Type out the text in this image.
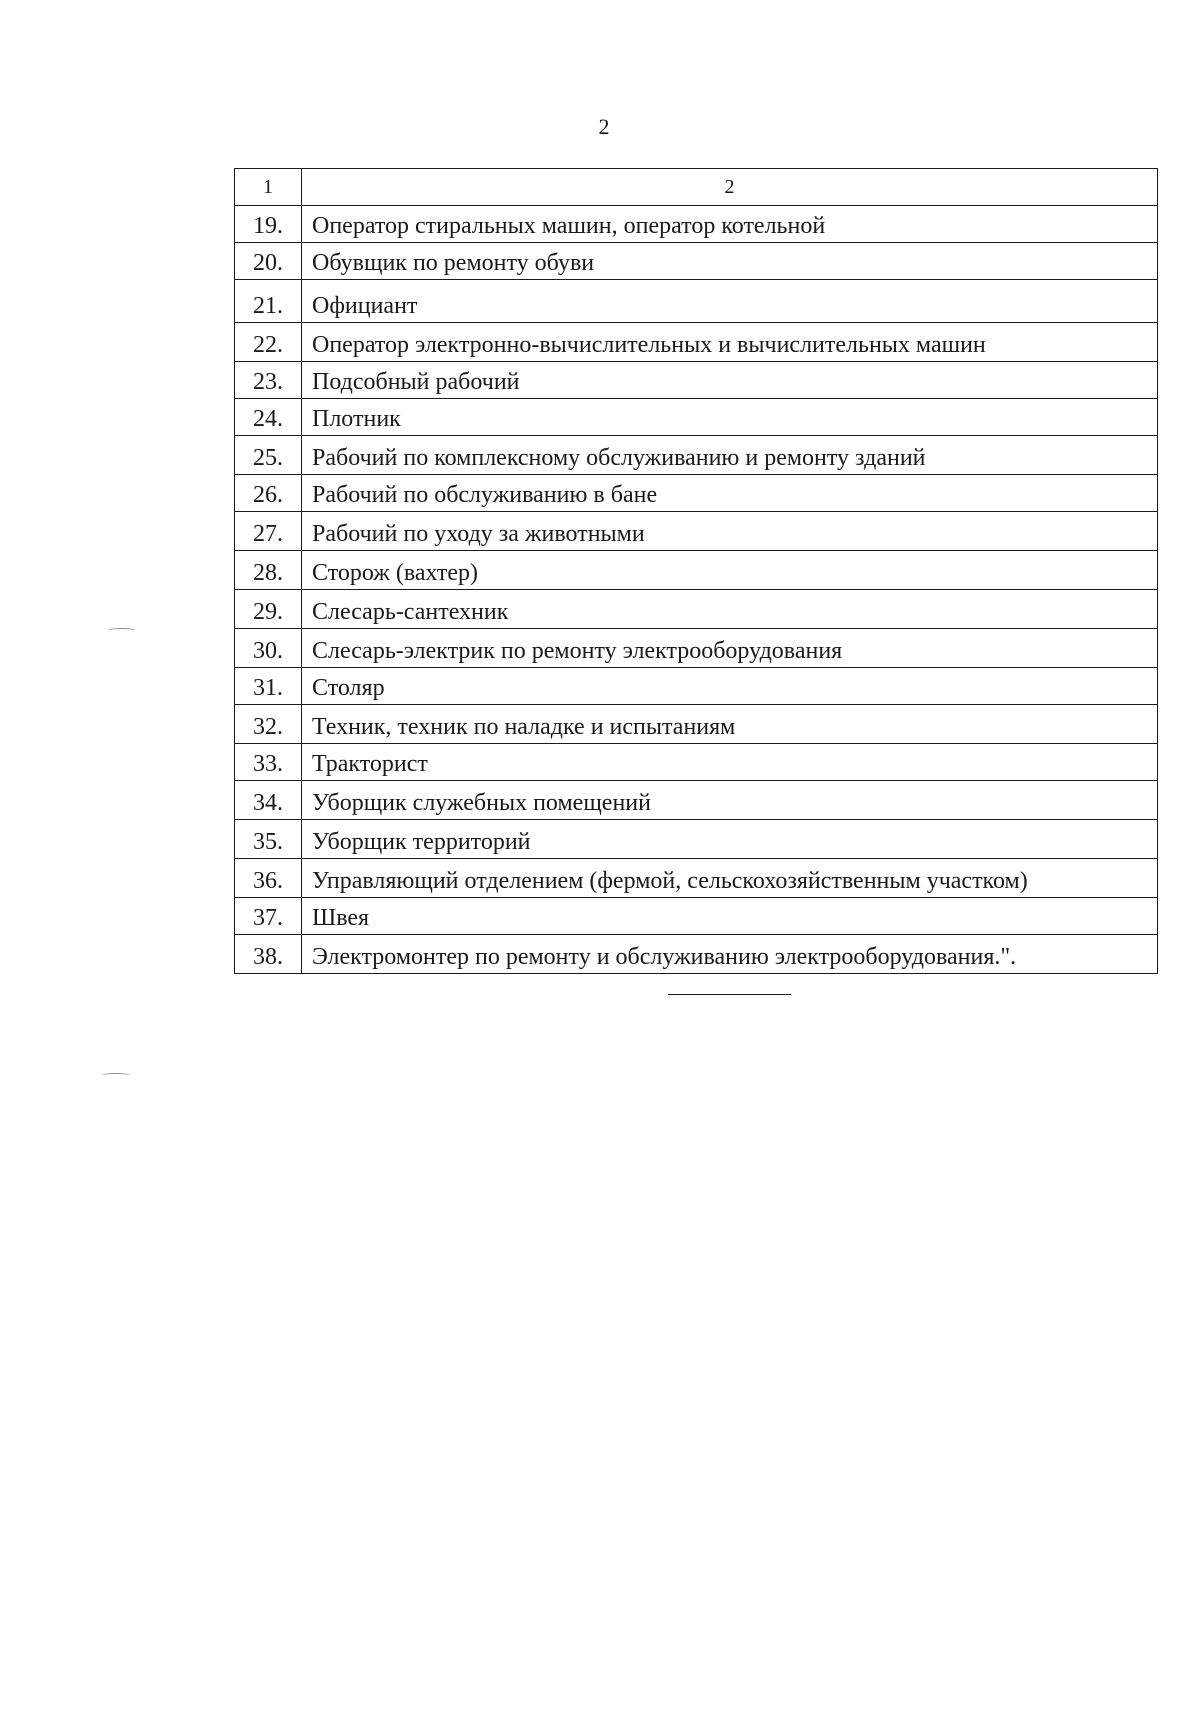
2
1	2
19.	Оператор стиральных машин, оператор котельной
20.	Обувщик по ремонту обуви
21.	Официант
22.	Оператор электронно-вычислительных и вычислительных машин
23.	Подсобный рабочий
24.	Плотник
25.	Рабочий по комплексному обслуживанию и ремонту зданий
26.	Рабочий по обслуживанию в бане
27.	Рабочий по уходу за животными
28.	Сторож (вахтер)
29.	Слесарь-сантехник
30.	Слесарь-электрик по ремонту электрооборудования
31.	Столяр
32.	Техник, техник по наладке и испытаниям
33.	Тракторист
34.	Уборщик служебных помещений
35.	Уборщик территорий
36.	Управляющий отделением (фермой, сельскохозяйственным участком)
37.	Швея
38.	Электромонтер по ремонту и обслуживанию электрооборудования.".
